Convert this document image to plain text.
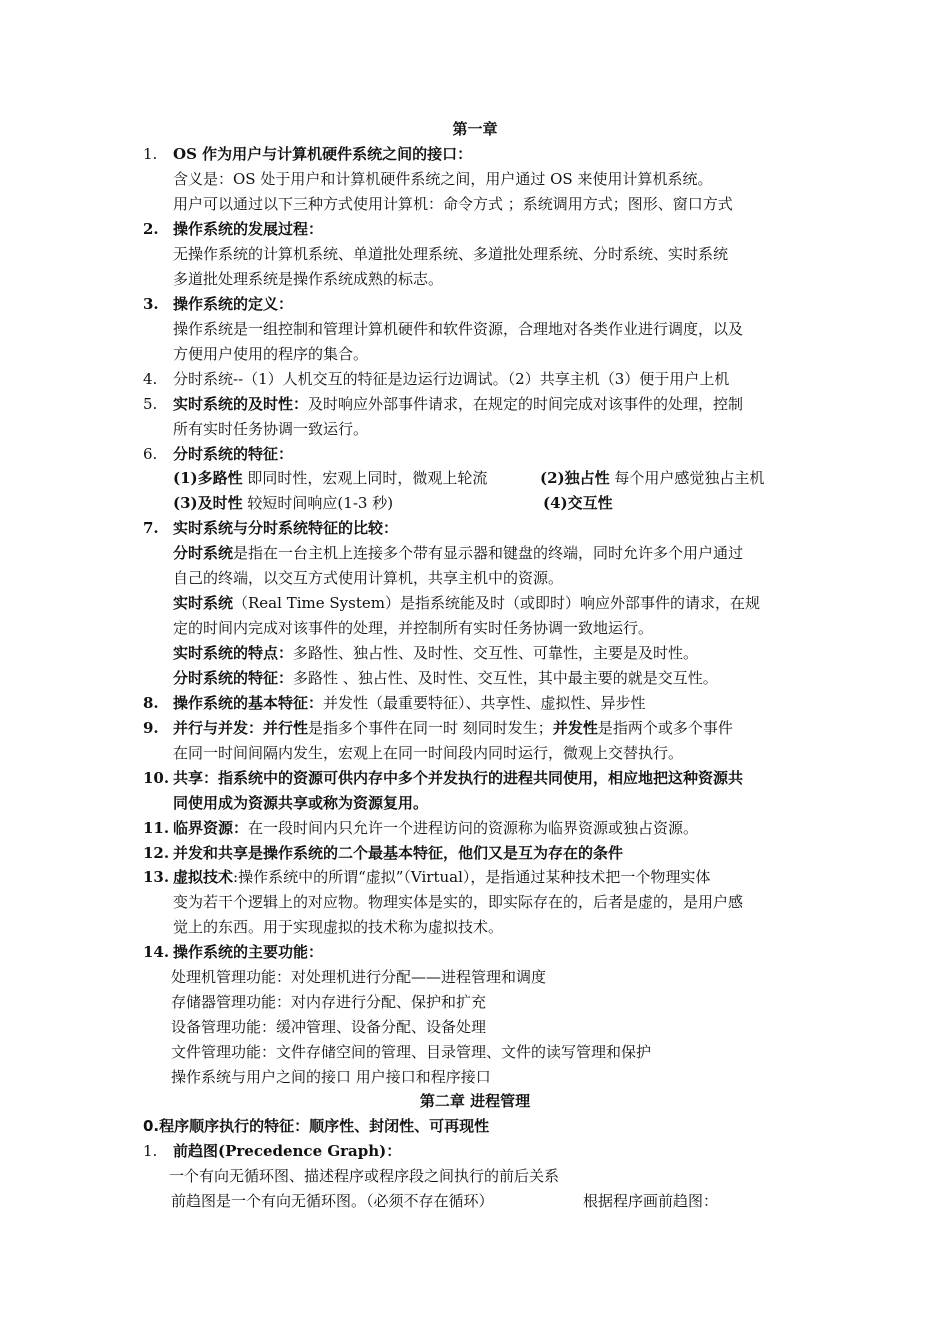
第一章
1. OS 作为用户与计算机硬件系统之间的接口：
含义是：OS 处于用户和计算机硬件系统之间，用户通过 OS 来使用计算机系统。
用户可以通过以下三种方式使用计算机：命令方式 ；系统调用方式；图形、窗口方式
2. 操作系统的发展过程：
无操作系统的计算机系统、单道批处理系统、多道批处理系统、分时系统、实时系统
多道批处理系统是操作系统成熟的标志。
3. 操作系统的定义：
操作系统是一组控制和管理计算机硬件和软件资源，合理地对各类作业进行调度，以及
方便用户使用的程序的集合。
4. 分时系统--（1）人机交互的特征是边运行边调试。（2）共享主机（3）便于用户上机
5. 实时系统的及时性：及时响应外部事件请求，在规定的时间完成对该事件的处理，控制
所有实时任务协调一致运行。
6. 分时系统的特征：
(1)多路性 即同时性，宏观上同时，微观上轮流	(2)独占性 每个用户感觉独占主机
(3)及时性 较短时间响应(1-3 秒)	(4)交互性
7. 实时系统与分时系统特征的比较：
分时系统是指在一台主机上连接多个带有显示器和键盘的终端，同时允许多个用户通过
自己的终端，以交互方式使用计算机，共享主机中的资源。
实时系统（Real Time System）是指系统能及时（或即时）响应外部事件的请求，在规
定的时间内完成对该事件的处理，并控制所有实时任务协调一致地运行。
实时系统的特点：多路性、独占性、及时性、交互性、可靠性，主要是及时性。
分时系统的特征：多路性 、独占性、及时性、交互性，其中最主要的就是交互性。
8. 操作系统的基本特征：并发性（最重要特征）、共享性、虚拟性、异步性
9. 并行与并发：并行性是指多个事件在同一时 刻同时发生；并发性是指两个或多个事件
在同一时间间隔内发生，宏观上在同一时间段内同时运行，微观上交替执行。
10. 共享：指系统中的资源可供内存中多个并发执行的进程共同使用，相应地把这种资源共
同使用成为资源共享或称为资源复用。
11. 临界资源：在一段时间内只允许一个进程访问的资源称为临界资源或独占资源。
12. 并发和共享是操作系统的二个最基本特征，他们又是互为存在的条件
13. 虚拟技术:操作系统中的所谓“虚拟”（Virtual），是指通过某种技术把一个物理实体
变为若干个逻辑上的对应物。物理实体是实的，即实际存在的，后者是虚的，是用户感
觉上的东西。用于实现虚拟的技术称为虚拟技术。
14. 操作系统的主要功能：
处理机管理功能：对处理机进行分配——进程管理和调度
存储器管理功能：对内存进行分配、保护和扩充
设备管理功能：缓冲管理、设备分配、设备处理
文件管理功能：文件存储空间的管理、目录管理、文件的读写管理和保护
操作系统与用户之间的接口 用户接口和程序接口
第二章 进程管理
0.程序顺序执行的特征：顺序性、封闭性、可再现性
1. 前趋图(Precedence Graph)：
一个有向无循环图、描述程序或程序段之间执行的前后关系
前趋图是一个有向无循环图。（必须不存在循环）	根据程序画前趋图：
